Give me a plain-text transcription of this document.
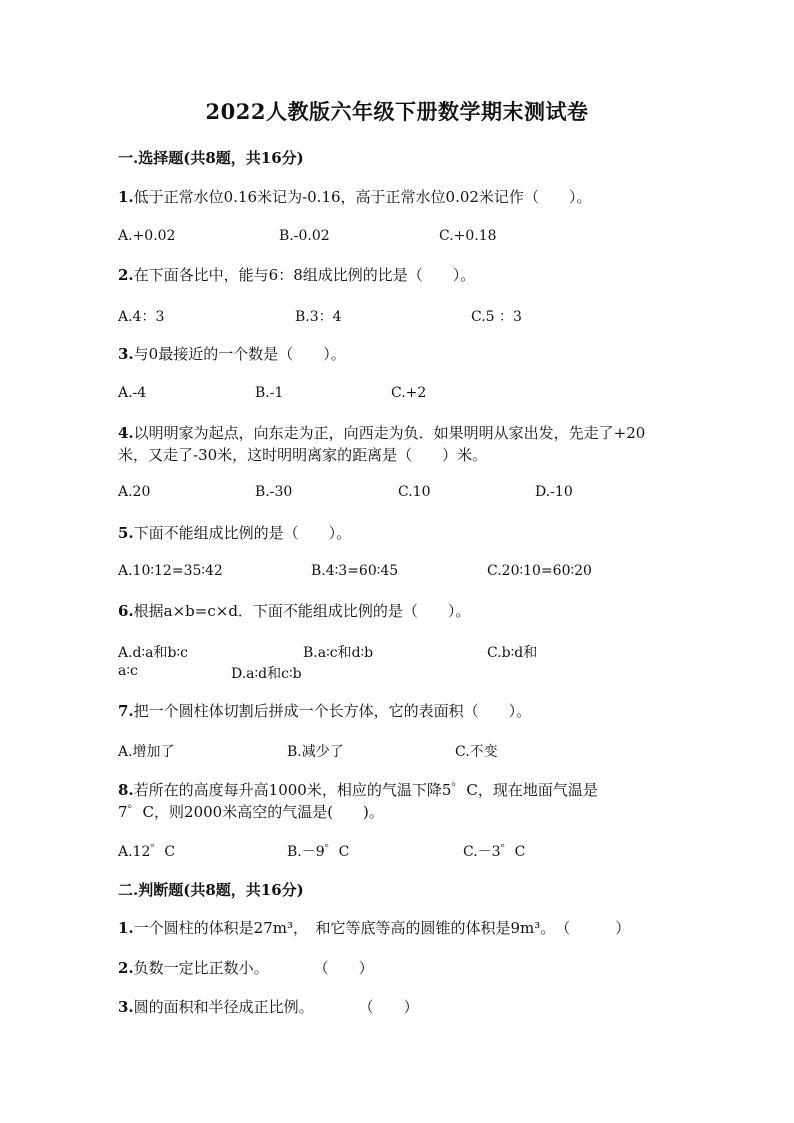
2022人教版六年级下册数学期末测试卷
一.选择题(共8题，共16分)
1.低于正常水位0.16米记为-0.16，高于正常水位0.02米记作（　　）。
A.+0.02	B.-0.02	C.+0.18
2.在下面各比中，能与6：8组成比例的比是（　　）。
A.4：3	B.3：4	C.5 ：3
3.与0最接近的一个数是（　　）。
A.-4	B.-1	C.+2
4.以明明家为起点，向东走为正，向西走为负．如果明明从家出发，先走了+20
米，又走了-30米，这时明明离家的距离是（　　）米。
A.20	B.-30	C.10	D.-10
5.下面不能组成比例的是（　　）。
A.10∶12=35∶42	B.4∶3=60∶45	C.20∶10=60∶20
6.根据a×b=c×d．下面不能组成比例的是（　　）。
A.d∶a和b∶c	B.a∶c和d∶b	C.b∶d和
a∶c	D.a∶d和c∶b
7.把一个圆柱体切割后拼成一个长方体，它的表面积（　　）。
A.增加了	B.减少了	C.不变
8.若所在的高度每升高1000米，相应的气温下降5゜C，现在地面气温是
7゜C，则2000米高空的气温是(　　)。
A.12゜C	B.－9゜C	C.－3゜C
二.判断题(共8题，共16分)
1.一个圆柱的体积是27m³，　和它等底等高的圆锥的体积是9m³。　（　　　）
2.负数一定比正数小。　　　　（　　）
3.圆的面积和半径成正比例。　　　　（　　）
